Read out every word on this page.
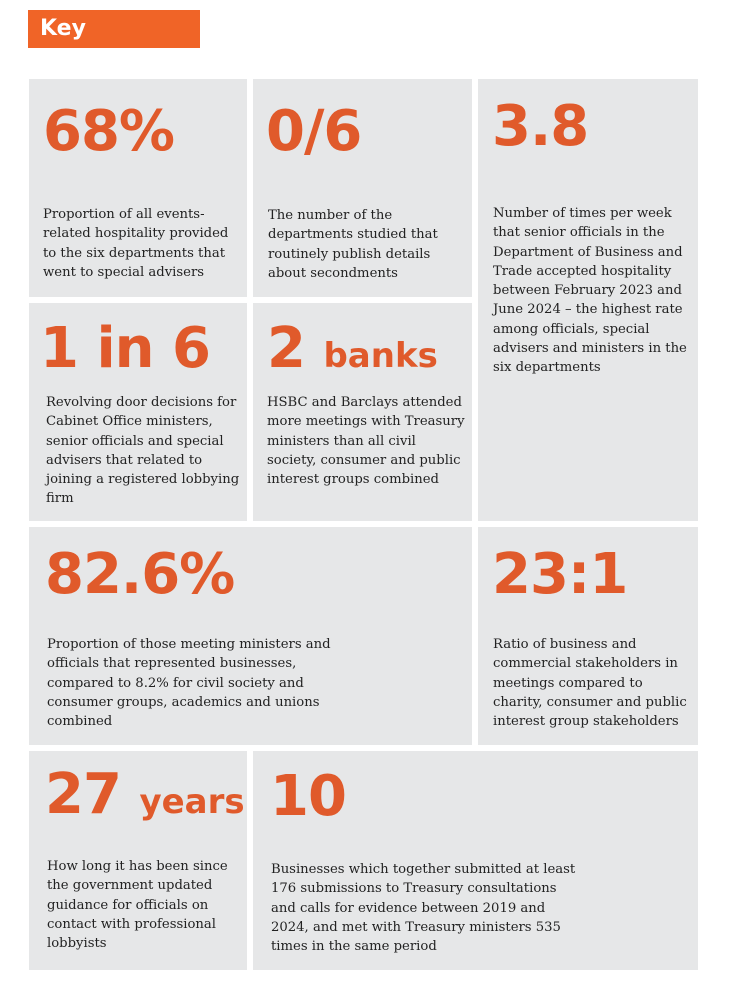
Key statistics
68%
Proportion of all events-related hospitality provided to the six departments that went to special advisers
0/6
The number of the departments studied that routinely publish details about secondments
3.8
Number of times per week that senior officials in the Department of Business and Trade accepted hospitality between February 2023 and June 2024 – the highest rate among officials, special advisers and ministers in the six departments
1 in 6
Revolving door decisions for Cabinet Office ministers, senior officials and special advisers that related to joining a registered lobbying firm
2 banks
HSBC and Barclays attended more meetings with Treasury ministers than all civil society, consumer and public interest groups combined
82.6%
Proportion of those meeting ministers and officials that represented businesses, compared to 8.2% for civil society and consumer groups, academics and unions combined
23:1
Ratio of business and commercial stakeholders in meetings compared to charity, consumer and public interest group stakeholders
27 years
How long it has been since the government updated guidance for officials on contact with professional lobbyists
10
Businesses which together submitted at least 176 submissions to Treasury consultations and calls for evidence between 2019 and 2024, and met with Treasury ministers 535 times in the same period
